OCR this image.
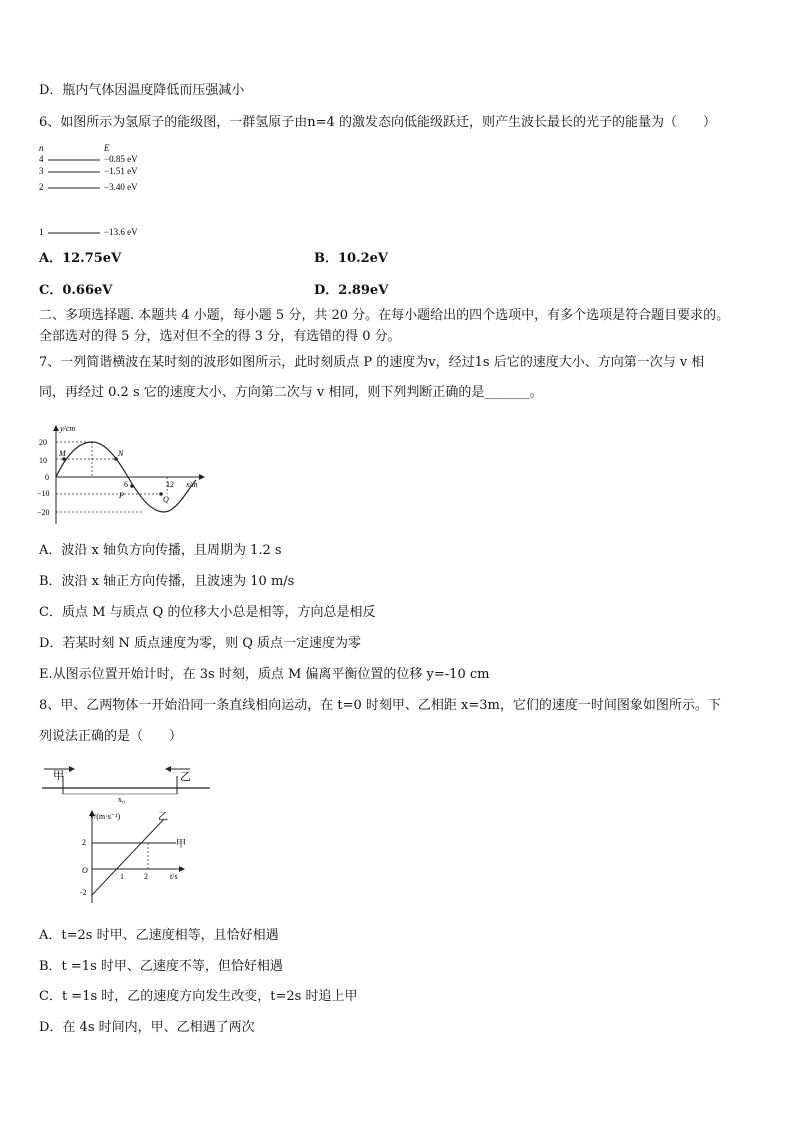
D．瓶内气体因温度降低而压强减小
6、如图所示为氢原子的能级图，一群氢原子由n=4 的激发态向低能级跃迁，则产生波长最长的光子的能量为（　　）
n	E
4	−0.85 eV
3	−1.51 eV
2	−3.40 eV
1	−13.6 eV
A．12.75eV	B．10.2eV
C．0.66eV	D．2.89eV
二、多项选择题. 本题共 4 小题，每小题 5 分，共 20 分。在每小题给出的四个选项中，有多个选项是符合题目要求的。
全部选对的得 5 分，选对但不全的得 3 分，有选错的得 0 分。
7、一列简谐横波在某时刻的波形如图所示，此时刻质点 P 的速度为v，经过1s 后它的速度大小、方向第一次与 v 相
同，再经过 0.2 s 它的速度大小、方向第二次与 v 相同，则下列判断正确的是_______。
y/cm
x/m
20
10
0
−10
−20
6	12
M	N
P	Q
A．波沿 x 轴负方向传播，且周期为 1.2 s
B．波沿 x 轴正方向传播，且波速为 10 m/s
C．质点 M 与质点 Q 的位移大小总是相等，方向总是相反
D．若某时刻 N 质点速度为零，则 Q 质点一定速度为零
E.从图示位置开始计时，在 3s 时刻，质点 M 偏离平衡位置的位移 y=-10 cm
8、甲、乙两物体一开始沿同一条直线相向运动，在 t=0 时刻甲、乙相距 x=3m，它们的速度一时间图象如图所示。下
列说法正确的是（　　）
甲	乙
x₀
v/(m·s⁻¹)
t/s
O
2
-2
1	2
甲
乙
A．t=2s 时甲、乙速度相等，且恰好相遇
B．t =1s 时甲、乙速度不等，但恰好相遇
C．t =1s 时，乙的速度方向发生改变，t=2s 时追上甲
D．在 4s 时间内，甲、乙相遇了两次
